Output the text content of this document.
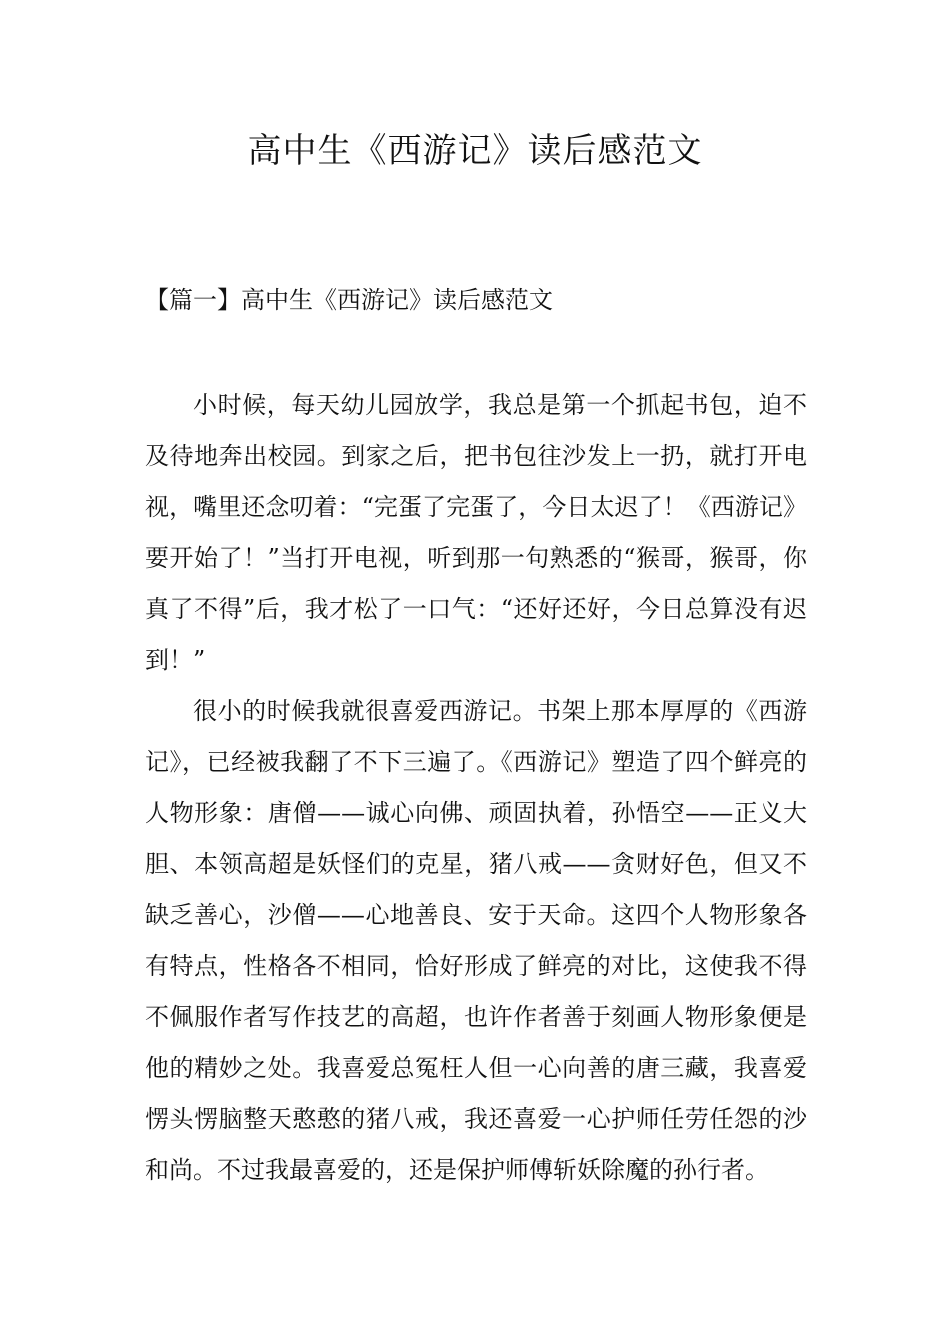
高中生《西游记》读后感范文
【篇一】高中生《西游记》读后感范文

小时候，每天幼儿园放学，我总是第一个抓起书包，迫不及待地奔出校园。到家之后，把书包往沙发上一扔，就打开电视，嘴里还念叨着：“完蛋了完蛋了，今日太迟了！《西游记》要开始了！”当打开电视，听到那一句熟悉的“猴哥，猴哥，你真了不得”后，我才松了一口气：“还好还好，今日总算没有迟到！”

很小的时候我就很喜爱西游记。书架上那本厚厚的《西游记》，已经被我翻了不下三遍了。《西游记》塑造了四个鲜亮的人物形象：唐僧——诚心向佛、顽固执着，孙悟空——正义大胆、本领高超是妖怪们的克星，猪八戒——贪财好色，但又不缺乏善心，沙僧——心地善良、安于天命。这四个人物形象各有特点，性格各不相同，恰好形成了鲜亮的对比，这使我不得不佩服作者写作技艺的高超，也许作者善于刻画人物形象便是他的精妙之处。我喜爱总冤枉人但一心向善的唐三藏，我喜爱愣头愣脑整天憨憨的猪八戒，我还喜爱一心护师任劳任怨的沙和尚。不过我最喜爱的，还是保护师傅斩妖除魔的孙行者。
